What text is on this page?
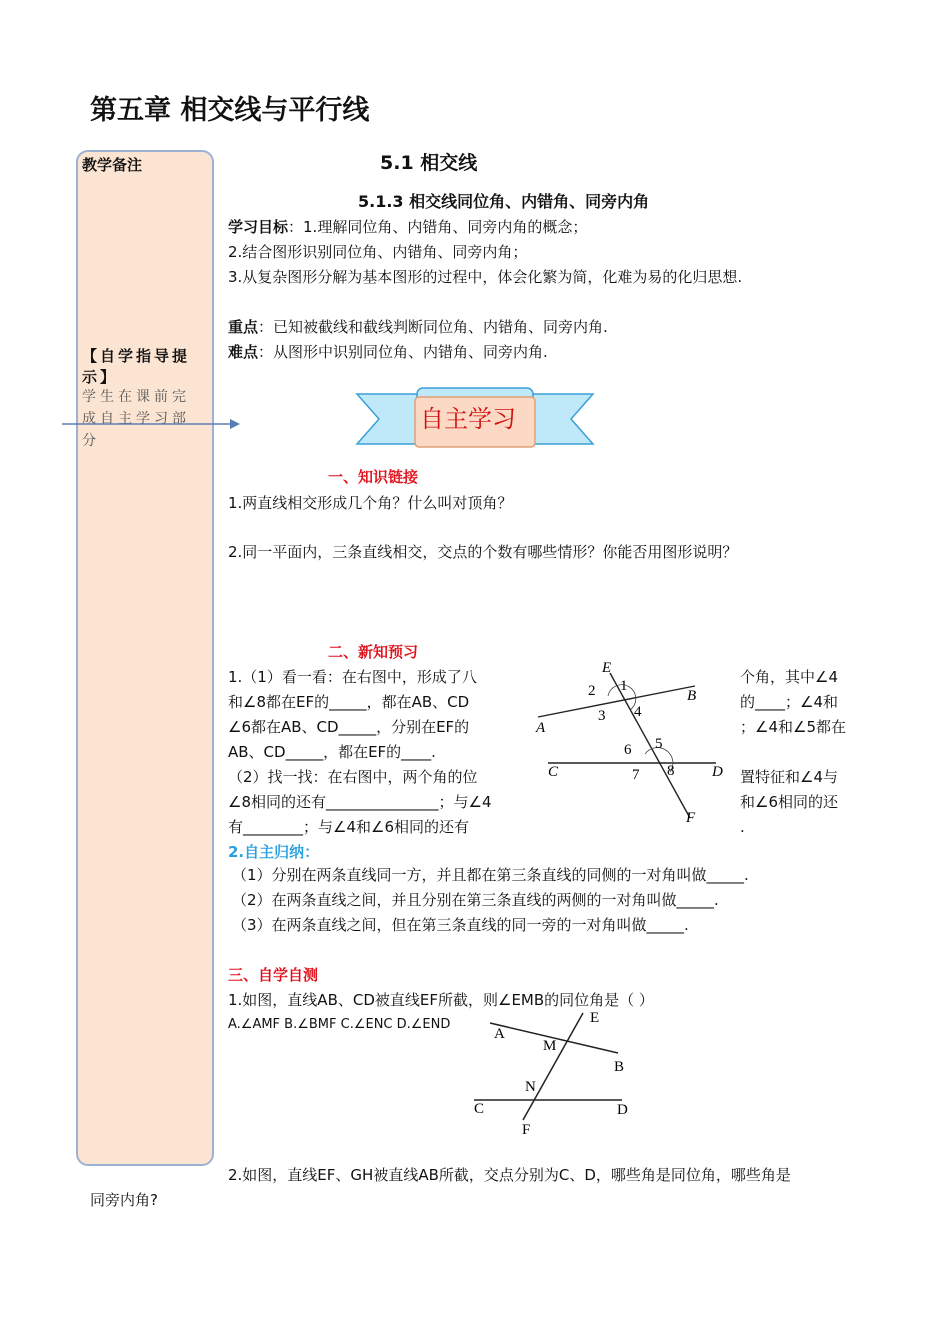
第五章 相交线与平行线
教学备注
【自学指导提示】
学生在课前完成自主学习部分
5.1 相交线
5.1.3 相交线同位角、内错角、同旁内角
学习目标：1.理解同位角、内错角、同旁内角的概念；
2.结合图形识别同位角、内错角、同旁内角；
3.从复杂图形分解为基本图形的过程中，体会化繁为简，化难为易的化归思想.
重点：已知被截线和截线判断同位角、内错角、同旁内角.
难点：从图形中识别同位角、内错角、同旁内角.
自主学习
一、知识链接
1.两直线相交形成几个角？什么叫对顶角？
2.同一平面内，三条直线相交，交点的个数有哪些情形？你能否用图形说明？
二、新知预习
1.（1）看一看：在右图中，形成了八
和∠8都在EF的_____，都在AB、CD
∠6都在AB、CD_____，分别在EF的
AB、CD_____，都在EF的____.
（2）找一找：在右图中，两个角的位
∠8相同的还有_______________；与∠4
有________；与∠4和∠6相同的还有
个角，其中∠4
的____；∠4和
；∠4和∠5都在
置特征和∠4与
和∠6相同的还
.
E
B
A
C	D
F
1
2
3 4
5
6
7 8
2.自主归纳：
（1）分别在两条直线同一方，并且都在第三条直线的同侧的一对角叫做_____.
（2）在两条直线之间，并且分别在第三条直线的两侧的一对角叫做_____.
（3）在两条直线之间，但在第三条直线的同一旁的一对角叫做_____.
三、自学自测
1.如图，直线AB、CD被直线EF所截，则∠EMB的同位角是（ ）
A.∠AMF B.∠BMF C.∠ENC D.∠END	E
A
M
B
N
C	D
F
2.如图，直线EF、GH被直线AB所截，交点分别为C、D，哪些角是同位角，哪些角是
同旁内角?
